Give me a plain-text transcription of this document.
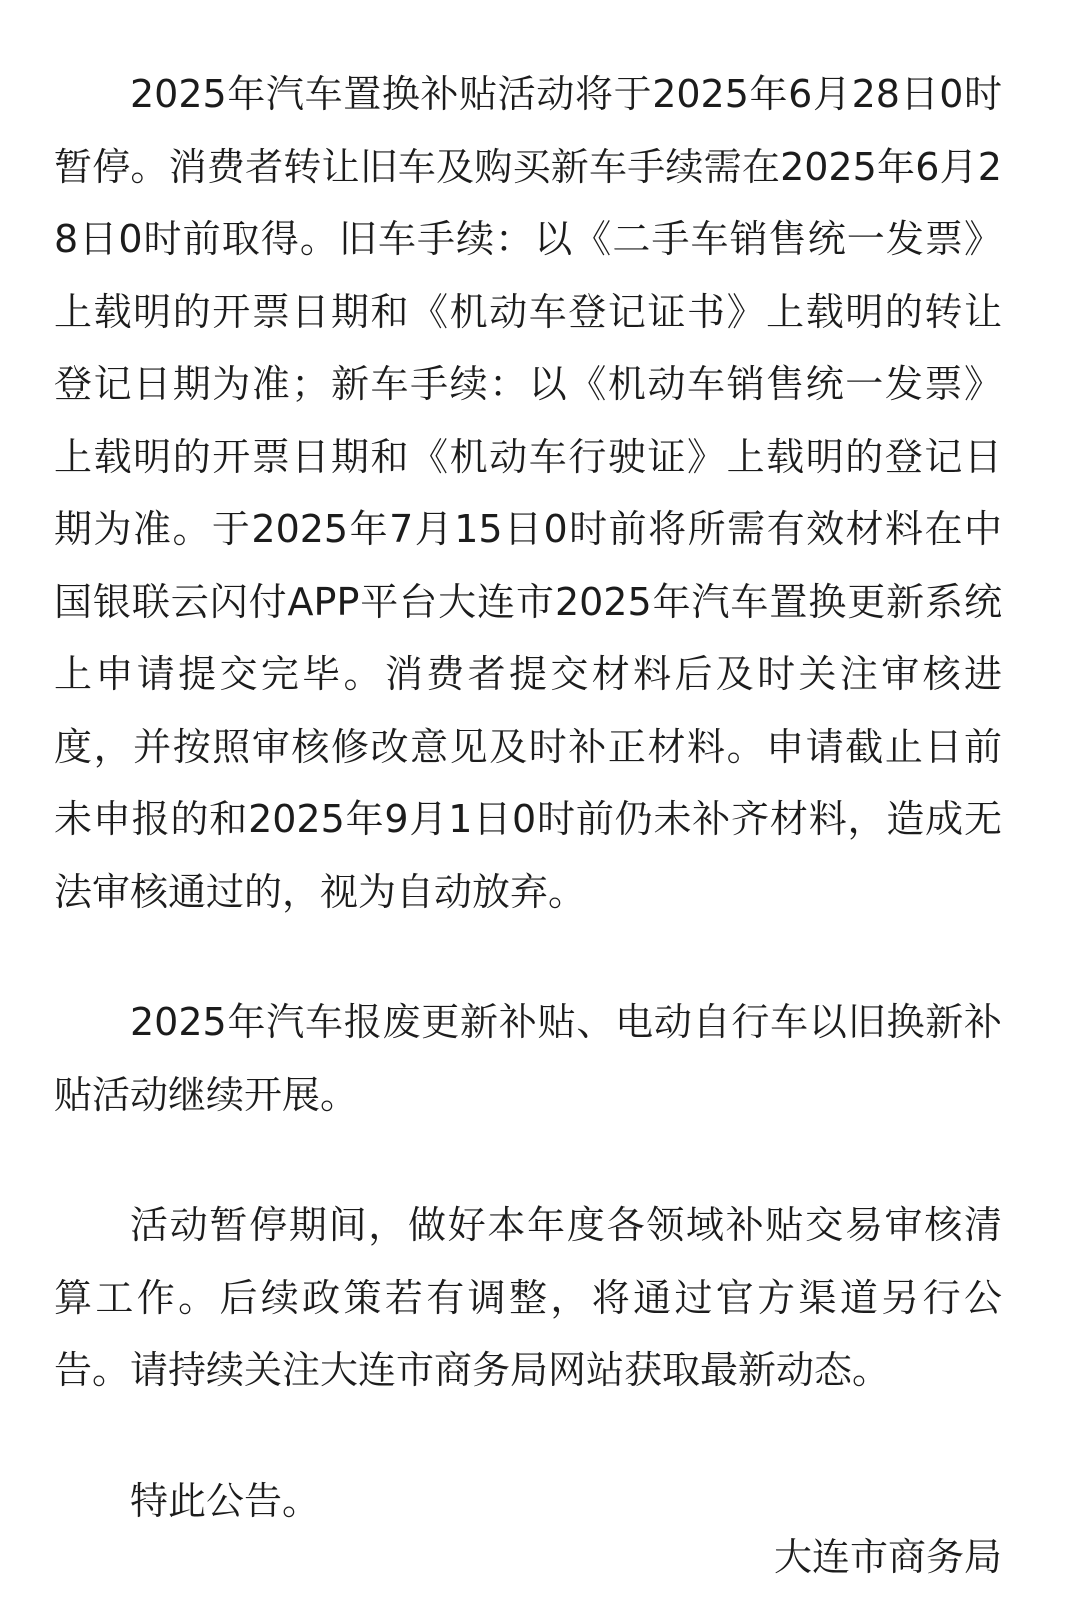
2025年汽车置换补贴活动将于2025年6月28日0时暂停。消费者转让旧车及购买新车手续需在2025年6月28日0时前取得。旧车手续：以《二手车销售统一发票》上载明的开票日期和《机动车登记证书》上载明的转让登记日期为准；新车手续：以《机动车销售统一发票》上载明的开票日期和《机动车行驶证》上载明的登记日期为准。于2025年7月15日0时前将所需有效材料在中国银联云闪付APP平台大连市2025年汽车置换更新系统上申请提交完毕。消费者提交材料后及时关注审核进度，并按照审核修改意见及时补正材料。申请截止日前未申报的和2025年9月1日0时前仍未补齐材料，造成无法审核通过的，视为自动放弃。

2025年汽车报废更新补贴、电动自行车以旧换新补贴活动继续开展。

活动暂停期间，做好本年度各领域补贴交易审核清算工作。后续政策若有调整，将通过官方渠道另行公告。请持续关注大连市商务局网站获取最新动态。

特此公告。

大连市商务局
